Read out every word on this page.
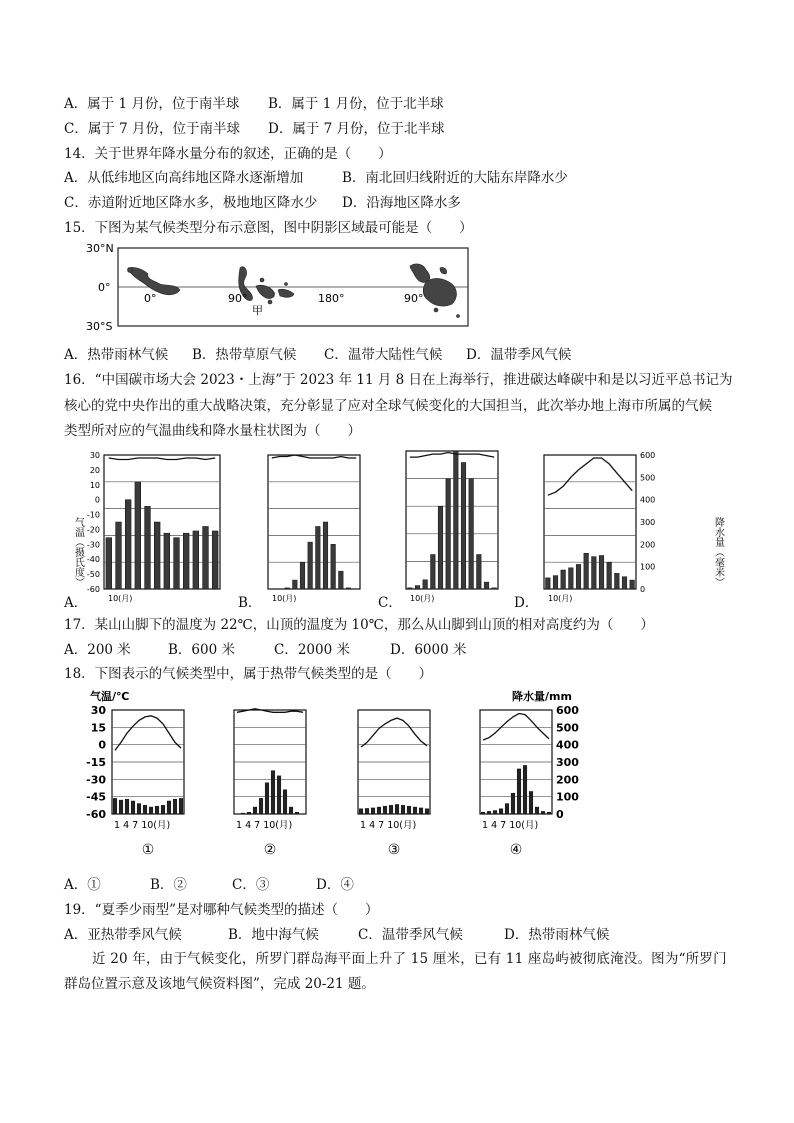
A．属于 1 月份，位于南半球 B．属于 1 月份，位于北半球
C．属于 7 月份，位于南半球 D．属于 7 月份，位于北半球
14．关于世界年降水量分布的叙述，正确的是（　　）
A．从低纬地区向高纬地区降水逐渐增加	B．南北回归线附近的大陆东岸降水少
C．赤道附近地区降水多，极地地区降水少 D．沿海地区降水多
15．下图为某气候类型分布示意图，图中阴影区域最可能是（　　）
30°N
0°
30°S
0°	90°	180°	90°
甲
A．热带雨林气候 B．热带草原气候 C．温带大陆性气候 D．温带季风气候
16．“中国碳市场大会 2023・上海”于 2023 年 11 月 8 日在上海举行，推进碳达峰碳中和是以习近平总书记为
核心的党中央作出的重大战略决策，充分彰显了应对全球气候变化的大国担当，此次举办地上海市所属的气候
类型所对应的气温曲线和降水量柱状图为（　　）
气温（摄氏度）	降水量（毫米）
10(月)	10(月)	10(月)	10(月)
30
20
10
0
-10
-20
-30
-40
-50
-60
600
500
400
300
200
100
0
A．	B．	C．	D．
17．某山山脚下的温度为 22℃，山顶的温度为 10℃，那么从山脚到山顶的相对高度约为（　　）
A．200 米	B．600 米	C．2000 米	D．6000 米
18．下图表示的气候类型中，属于热带气候类型的是（　　）
气温/℃	降水量/mm
1 4 7 10(月)
①
1 4 7 10(月)
②
1 4 7 10(月)
③
1 4 7 10(月)
④
30
15
0
-15
-30
-45
-60
600
500
400
300
200
100
0
A．①	B．②	C．③	D．④
19．“夏季少雨型”是对哪种气候类型的描述（　　）
A．亚热带季风气候	B．地中海气候	C．温带季风气候	D．热带雨林气候
近 20 年，由于气候变化，所罗门群岛海平面上升了 15 厘米，已有 11 座岛屿被彻底淹没。图为“所罗门
群岛位置示意及该地气候资料图”，完成 20-21 题。
